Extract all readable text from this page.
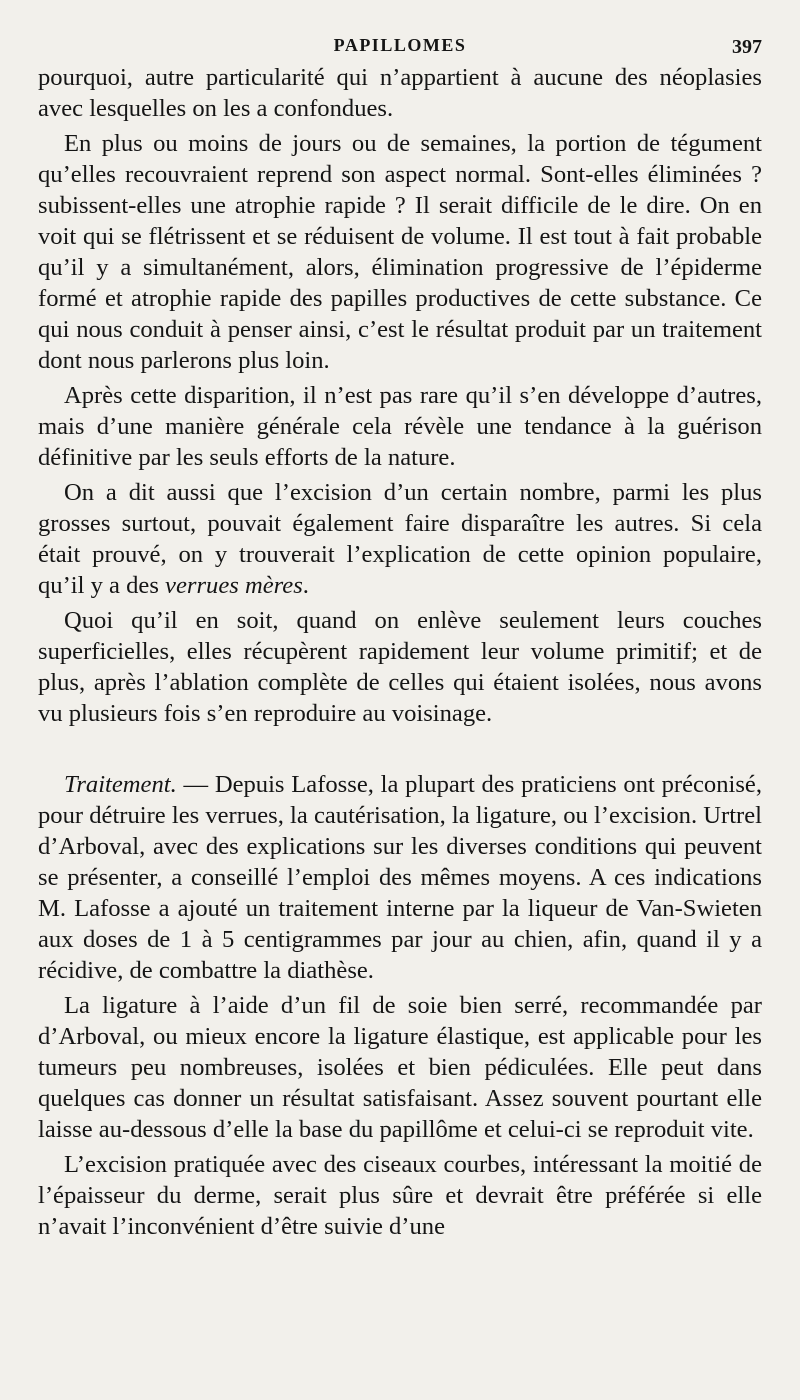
PAPILLOMES	397

pourquoi, autre particularité qui n’appartient à aucune des néoplasies avec lesquelles on les a confondues.

En plus ou moins de jours ou de semaines, la portion de tégument qu’elles recouvraient reprend son aspect normal. Sont-elles éliminées ? subissent-elles une atrophie rapide ? Il serait difficile de le dire. On en voit qui se flétrissent et se réduisent de volume. Il est tout à fait probable qu’il y a simultanément, alors, élimination progressive de l’épiderme formé et atrophie rapide des papilles productives de cette substance. Ce qui nous conduit à penser ainsi, c’est le résultat produit par un traitement dont nous parlerons plus loin.

Après cette disparition, il n’est pas rare qu’il s’en développe d’autres, mais d’une manière générale cela révèle une tendance à la guérison définitive par les seuls efforts de la nature.

On a dit aussi que l’excision d’un certain nombre, parmi les plus grosses surtout, pouvait également faire disparaître les autres. Si cela était prouvé, on y trouverait l’explication de cette opinion populaire, qu’il y a des verrues mères.

Quoi qu’il en soit, quand on enlève seulement leurs couches superficielles, elles récupèrent rapidement leur volume primitif; et de plus, après l’ablation complète de celles qui étaient isolées, nous avons vu plusieurs fois s’en reproduire au voisinage.

Traitement. — Depuis Lafosse, la plupart des praticiens ont préconisé, pour détruire les verrues, la cautérisation, la ligature, ou l’excision. Urtrel d’Arboval, avec des explications sur les diverses conditions qui peuvent se présenter, a conseillé l’emploi des mêmes moyens. A ces indications M. Lafosse a ajouté un traitement interne par la liqueur de Van-Swieten aux doses de 1 à 5 centigrammes par jour au chien, afin, quand il y a récidive, de combattre la diathèse.

La ligature à l’aide d’un fil de soie bien serré, recommandée par d’Arboval, ou mieux encore la ligature élastique, est applicable pour les tumeurs peu nombreuses, isolées et bien pédiculées. Elle peut dans quelques cas donner un résultat satisfaisant. Assez souvent pourtant elle laisse au-dessous d’elle la base du papillôme et celui-ci se reproduit vite.

L’excision pratiquée avec des ciseaux courbes, intéressant la moitié de l’épaisseur du derme, serait plus sûre et devrait être préférée si elle n’avait l’inconvénient d’être suivie d’une
